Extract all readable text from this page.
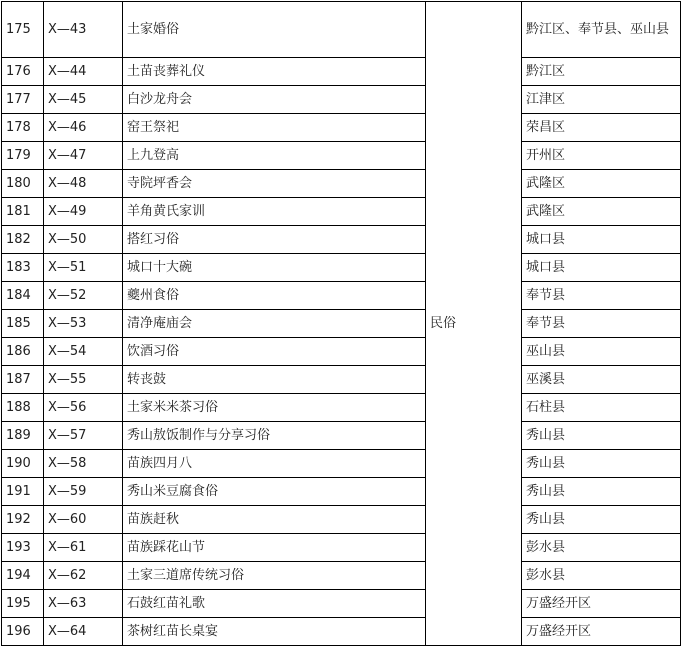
175	X—43	土家婚俗	民俗	黔江区、奉节县、巫山县
176	X—44	土苗丧葬礼仪		黔江区
177	X—45	白沙龙舟会		江津区
178	X—46	窑王祭祀		荣昌区
179	X—47	上九登高		开州区
180	X—48	寺院坪香会		武隆区
181	X—49	羊角黄氏家训		武隆区
182	X—50	搭红习俗		城口县
183	X—51	城口十大碗		城口县
184	X—52	夔州食俗		奉节县
185	X—53	清净庵庙会		奉节县
186	X—54	饮酒习俗		巫山县
187	X—55	转丧鼓		巫溪县
188	X—56	土家米米茶习俗		石柱县
189	X—57	秀山敖饭制作与分享习俗		秀山县
190	X—58	苗族四月八		秀山县
191	X—59	秀山米豆腐食俗		秀山县
192	X—60	苗族赶秋		秀山县
193	X—61	苗族踩花山节		彭水县
194	X—62	土家三道席传统习俗		彭水县
195	X—63	石鼓红苗礼歌		万盛经开区
196	X—64	茶树红苗长桌宴		万盛经开区
